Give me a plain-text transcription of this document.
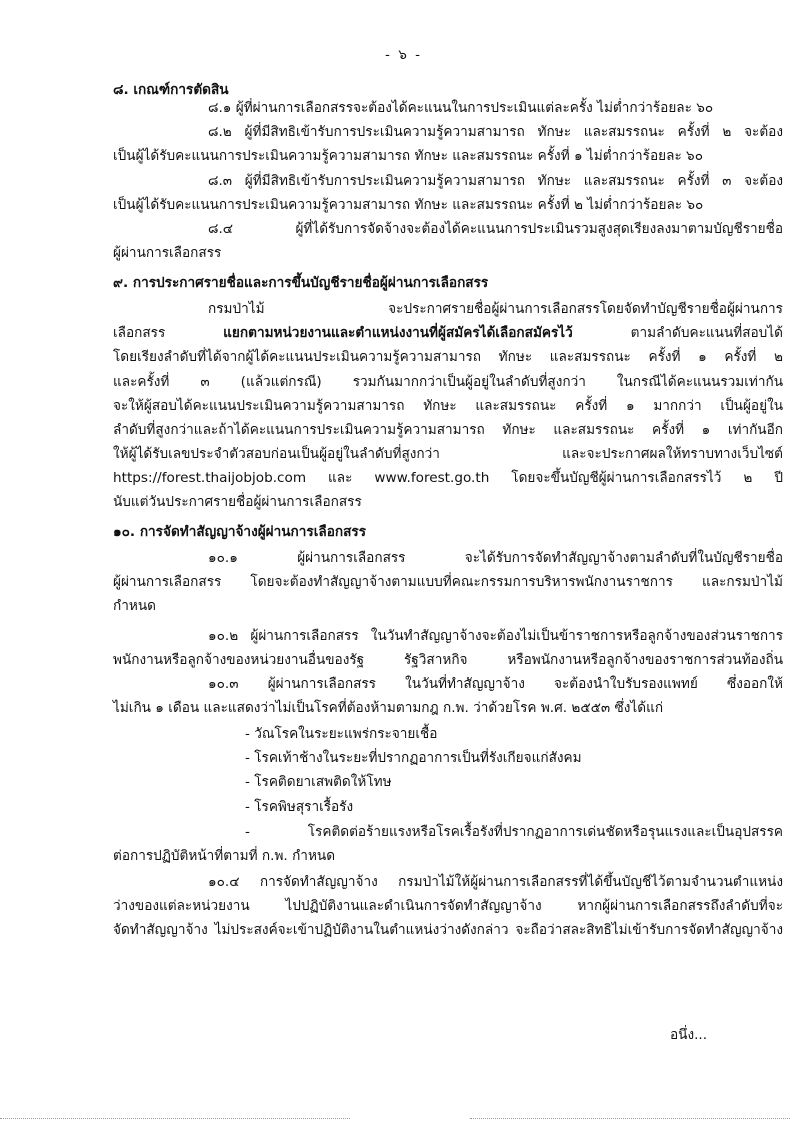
- ๖ -
๘. เกณฑ์การตัดสิน
๘.๑ ผู้ที่ผ่านการเลือกสรรจะต้องได้คะแนนในการประเมินแต่ละครั้ง ไม่ต่ำกว่าร้อยละ ๖๐
๘.๒ ผู้ที่มีสิทธิเข้ารับการประเมินความรู้ความสามารถ ทักษะ และสมรรถนะ ครั้งที่ ๒ จะต้อง
เป็นผู้ได้รับคะแนนการประเมินความรู้ความสามารถ ทักษะ และสมรรถนะ ครั้งที่ ๑ ไม่ต่ำกว่าร้อยละ ๖๐
๘.๓ ผู้ที่มีสิทธิเข้ารับการประเมินความรู้ความสามารถ ทักษะ และสมรรถนะ ครั้งที่ ๓ จะต้อง
เป็นผู้ได้รับคะแนนการประเมินความรู้ความสามารถ ทักษะ และสมรรถนะ ครั้งที่ ๒ ไม่ต่ำกว่าร้อยละ ๖๐
๘.๔ ผู้ที่ได้รับการจัดจ้างจะต้องได้คะแนนการประเมินรวมสูงสุดเรียงลงมาตามบัญชีรายชื่อ
ผู้ผ่านการเลือกสรร
๙. การประกาศรายชื่อและการขึ้นบัญชีรายชื่อผู้ผ่านการเลือกสรร
กรมป่าไม้ จะประกาศรายชื่อผู้ผ่านการเลือกสรรโดยจัดทำบัญชีรายชื่อผู้ผ่านการ
เลือกสรร	แยกตามหน่วยงานและตำแหน่งงานที่ผู้สมัครได้เลือกสมัครไว้	ตามลำดับคะแนนที่สอบได้
โดยเรียงลำดับที่ได้จากผู้ได้คะแนนประเมินความรู้ความสามารถ ทักษะ และสมรรถนะ ครั้งที่ ๑ ครั้งที่ ๒
และครั้งที่ ๓ (แล้วแต่กรณี) รวมกันมากกว่าเป็นผู้อยู่ในลำดับที่สูงกว่า ในกรณีได้คะแนนรวมเท่ากัน
จะให้ผู้สอบได้คะแนนประเมินความรู้ความสามารถ ทักษะ และสมรรถนะ ครั้งที่ ๑ มากกว่า เป็นผู้อยู่ใน
ลำดับที่สูงกว่าและถ้าได้คะแนนการประเมินความรู้ความสามารถ ทักษะ และสมรรถนะ ครั้งที่ ๑ เท่ากันอีก
ให้ผู้ได้รับเลขประจำตัวสอบก่อนเป็นผู้อยู่ในลำดับที่สูงกว่า และจะประกาศผลให้ทราบทางเว็บไซต์
https://forest.thaijobjob.com และ www.forest.go.th โดยจะขึ้นบัญชีผู้ผ่านการเลือกสรรไว้ ๒ ปี
นับแต่วันประกาศรายชื่อผู้ผ่านการเลือกสรร
๑๐. การจัดทำสัญญาจ้างผู้ผ่านการเลือกสรร
๑๐.๑ ผู้ผ่านการเลือกสรร จะได้รับการจัดทำสัญญาจ้างตามลำดับที่ในบัญชีรายชื่อ
ผู้ผ่านการเลือกสรร โดยจะต้องทำสัญญาจ้างตามแบบที่คณะกรรมการบริหารพนักงานราชการ และกรมป่าไม้
กำหนด
๑๐.๒ ผู้ผ่านการเลือกสรร ในวันทำสัญญาจ้างจะต้องไม่เป็นข้าราชการหรือลูกจ้างของส่วนราชการ
พนักงานหรือลูกจ้างของหน่วยงานอื่นของรัฐ รัฐวิสาหกิจ หรือพนักงานหรือลูกจ้างของราชการส่วนท้องถิ่น
๑๐.๓ ผู้ผ่านการเลือกสรร ในวันที่ทำสัญญาจ้าง จะต้องนำใบรับรองแพทย์ ซึ่งออกให้
ไม่เกิน ๑ เดือน และแสดงว่าไม่เป็นโรคที่ต้องห้ามตามกฎ ก.พ. ว่าด้วยโรค พ.ศ. ๒๕๕๓ ซึ่งได้แก่
- วัณโรคในระยะแพร่กระจายเชื้อ
- โรคเท้าช้างในระยะที่ปรากฏอาการเป็นที่รังเกียจแก่สังคม
- โรคติดยาเสพติดให้โทษ
- โรคพิษสุราเรื้อรัง
- โรคติดต่อร้ายแรงหรือโรคเรื้อรังที่ปรากฏอาการเด่นชัดหรือรุนแรงและเป็นอุปสรรค
ต่อการปฏิบัติหน้าที่ตามที่ ก.พ. กำหนด
๑๐.๔ การจัดทำสัญญาจ้าง กรมป่าไม้ให้ผู้ผ่านการเลือกสรรที่ได้ขึ้นบัญชีไว้ตามจำนวนตำแหน่ง
ว่างของแต่ละหน่วยงาน ไปปฏิบัติงานและดำเนินการจัดทำสัญญาจ้าง หากผู้ผ่านการเลือกสรรถึงลำดับที่จะ
จัดทำสัญญาจ้าง ไม่ประสงค์จะเข้าปฏิบัติงานในตำแหน่งว่างดังกล่าว จะถือว่าสละสิทธิไม่เข้ารับการจัดทำสัญญาจ้าง
อนึ่ง...
